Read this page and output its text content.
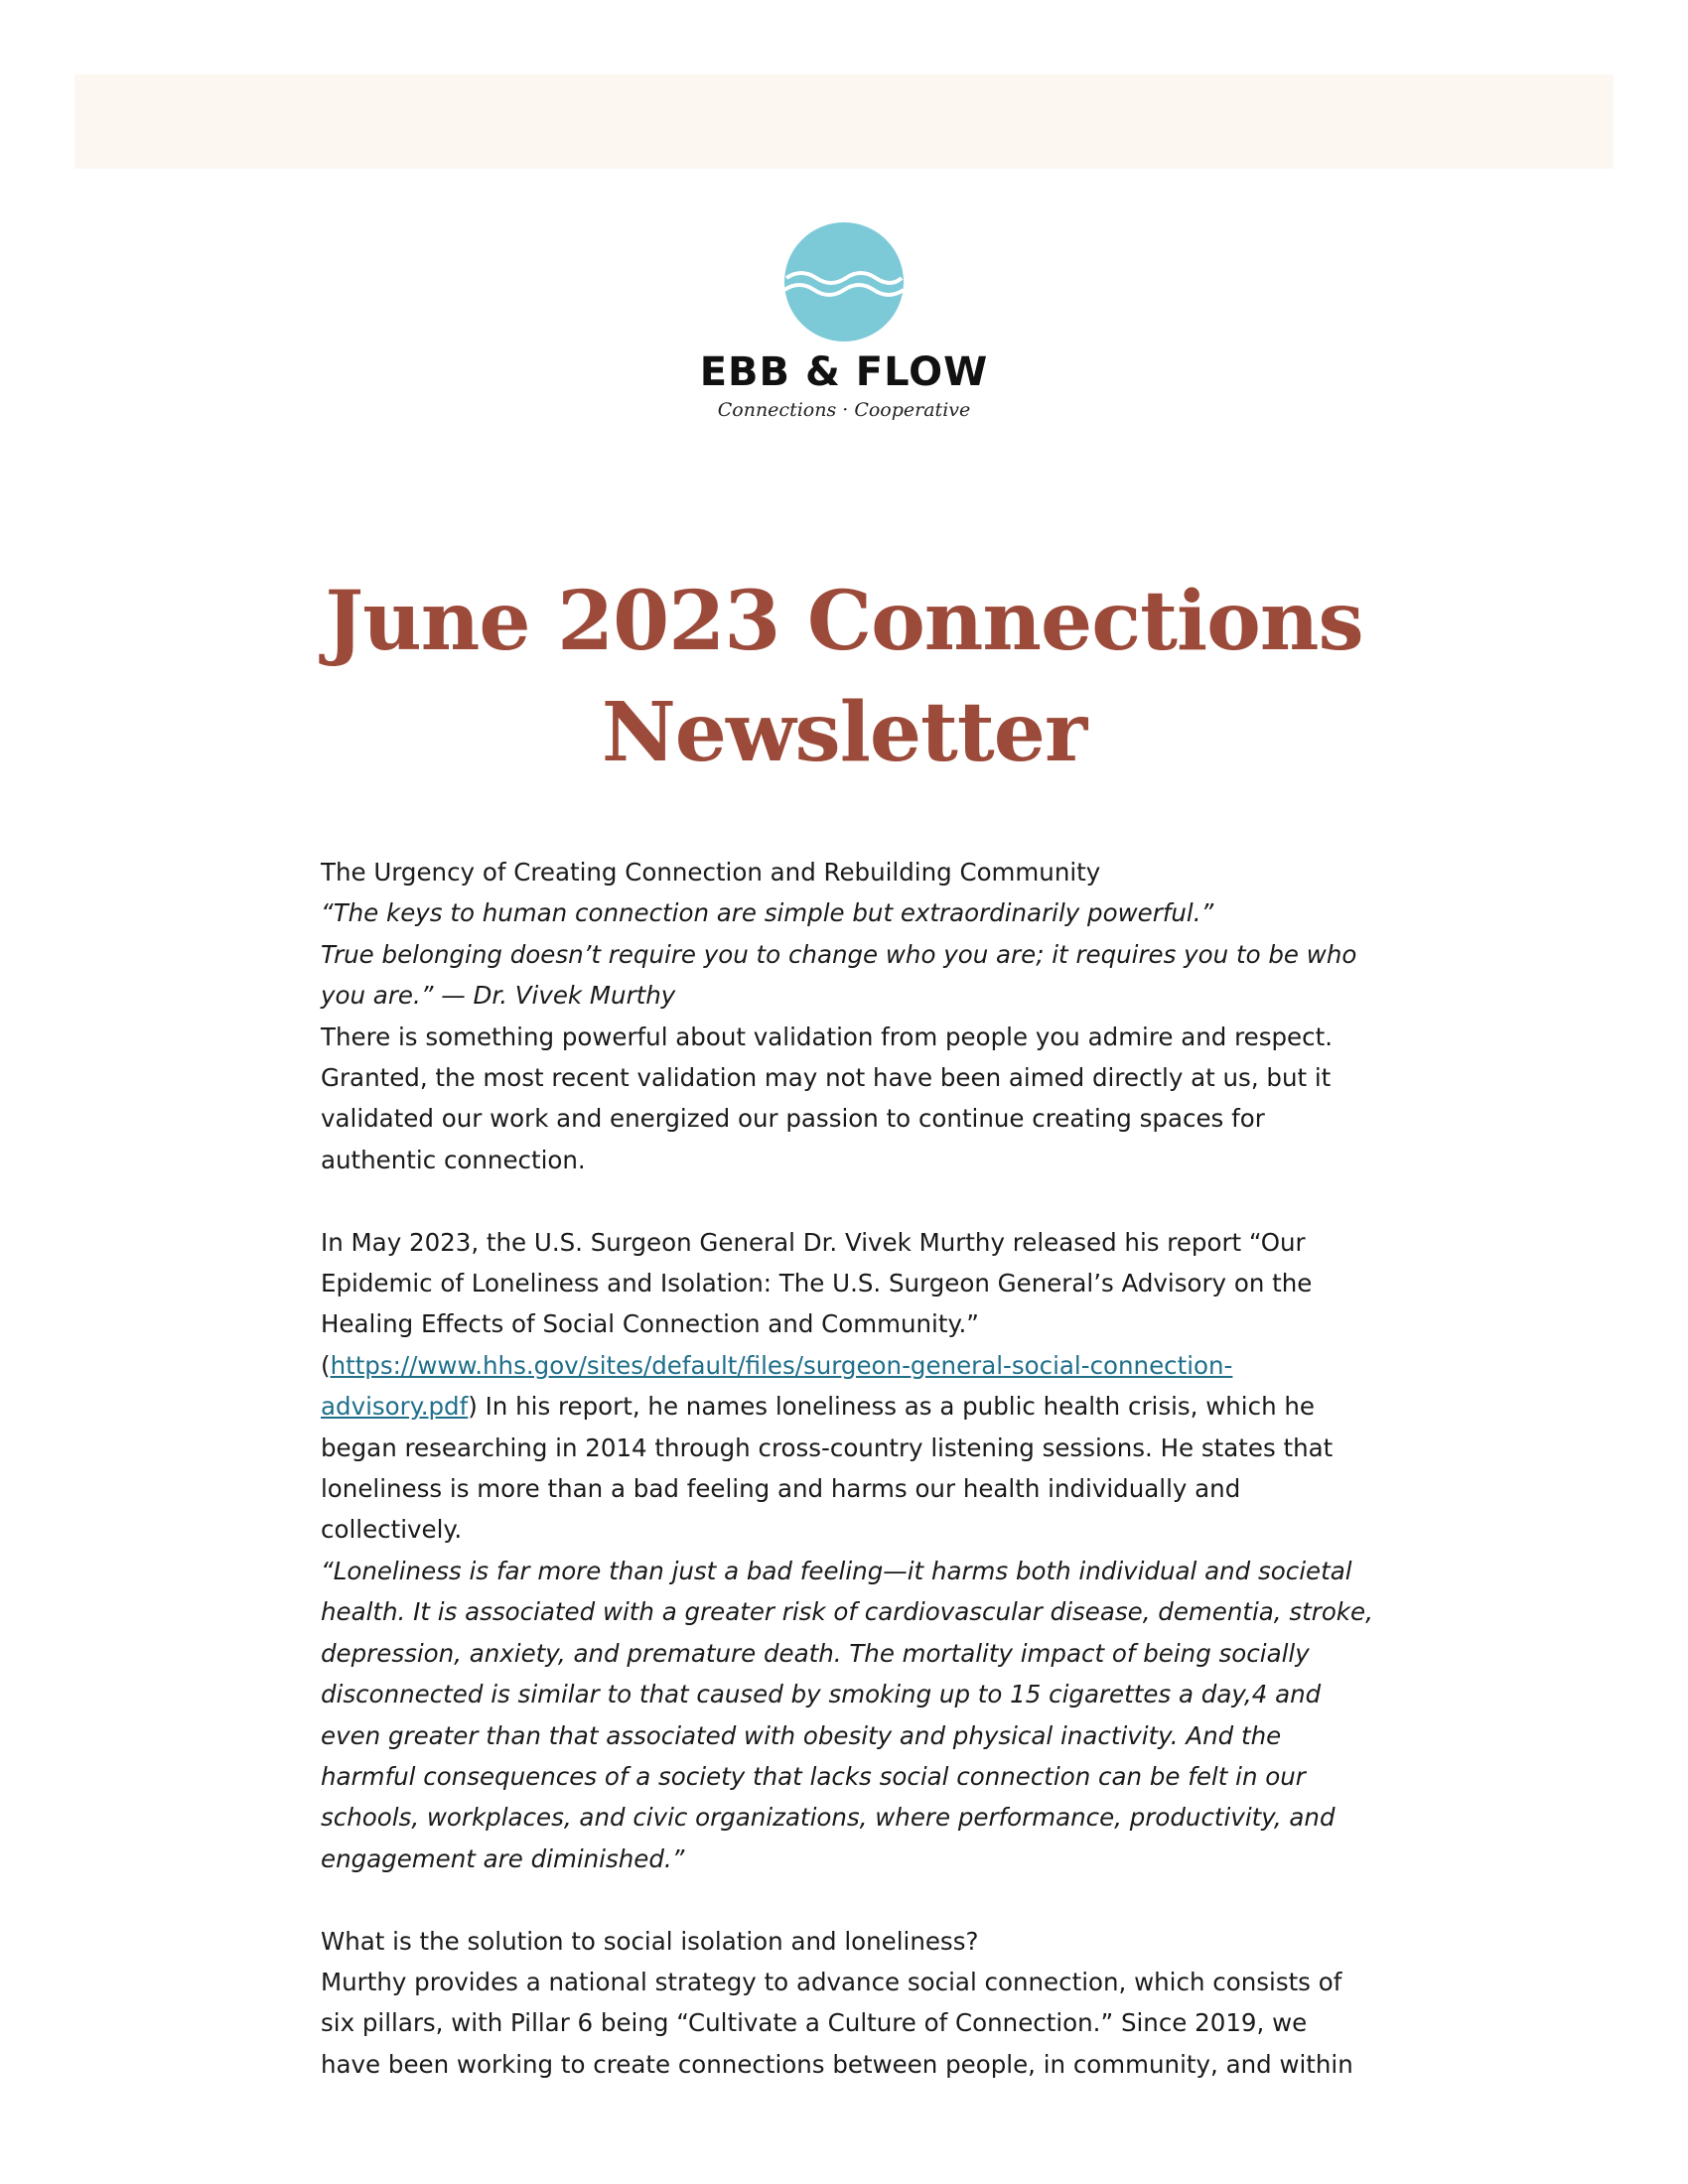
EBB & FLOW
Connections · Cooperative
June 2023 Connections Newsletter

The Urgency of Creating Connection and Rebuilding Community

“The keys to human connection are simple but extraordinarily powerful.”

True belonging doesn’t require you to change who you are; it requires you to be who you are.” — Dr. Vivek Murthy

There is something powerful about validation from people you admire and respect. Granted, the most recent validation may not have been aimed directly at us, but it validated our work and energized our passion to continue creating spaces for authentic connection.

In May 2023, the U.S. Surgeon General Dr. Vivek Murthy released his report “Our Epidemic of Loneliness and Isolation: The U.S. Surgeon General’s Advisory on the Healing Effects of Social Connection and Community.” (https://www.hhs.gov/sites/default/files/surgeon-general-social-connection-advisory.pdf) In his report, he names loneliness as a public health crisis, which he began researching in 2014 through cross-country listening sessions. He states that loneliness is more than a bad feeling and harms our health individually and collectively.

“Loneliness is far more than just a bad feeling—it harms both individual and societal health. It is associated with a greater risk of cardiovascular disease, dementia, stroke, depression, anxiety, and premature death. The mortality impact of being socially disconnected is similar to that caused by smoking up to 15 cigarettes a day,4 and even greater than that associated with obesity and physical inactivity. And the harmful consequences of a society that lacks social connection can be felt in our schools, workplaces, and civic organizations, where performance, productivity, and engagement are diminished.”

What is the solution to social isolation and loneliness?

Murthy provides a national strategy to advance social connection, which consists of six pillars, with Pillar 6 being “Cultivate a Culture of Connection.” Since 2019, we have been working to create connections between people, in community, and within
